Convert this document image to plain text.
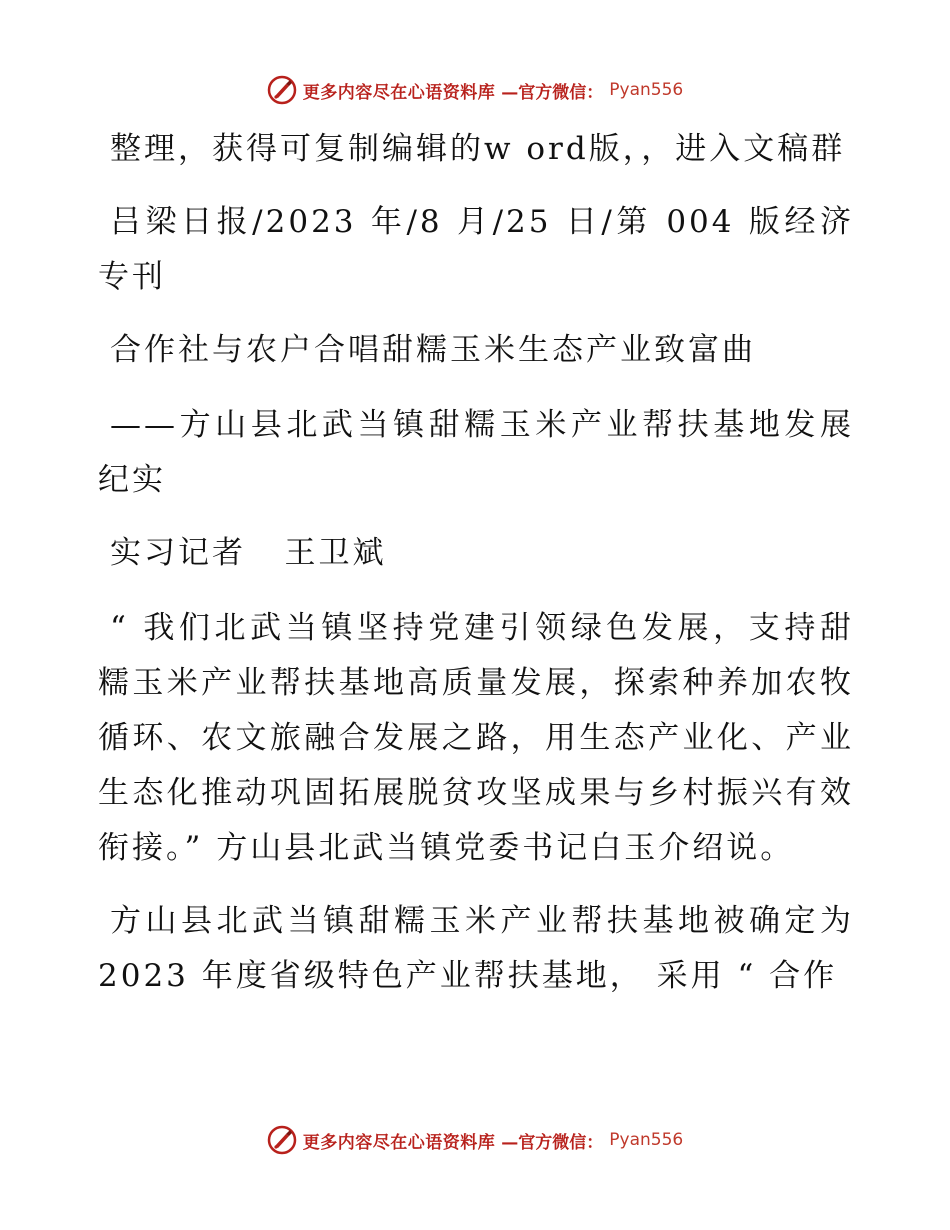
更多内容尽在心语资料库 —官方微信： Pyan556

整理，获得可复制编辑的w ord版，，进入文稿群

吕梁日报/2023 年/8 月/25 日/第 004 版经济专刊

合作社与农户合唱甜糯玉米生态产业致富曲

——方山县北武当镇甜糯玉米产业帮扶基地发展纪实

实习记者   王卫斌

“ 我们北武当镇坚持党建引领绿色发展，支持甜糯玉米产业帮扶基地高质量发展，探索种养加农牧循环、农文旅融合发展之路，用生态产业化、产业生态化推动巩固拓展脱贫攻坚成果与乡村振兴有效衔接。” 方山县北武当镇党委书记白玉介绍说。

方山县北武当镇甜糯玉米产业帮扶基地被确定为2023 年度省级特色产业帮扶基地， 采用 “ 合作

更多内容尽在心语资料库 —官方微信： Pyan556
